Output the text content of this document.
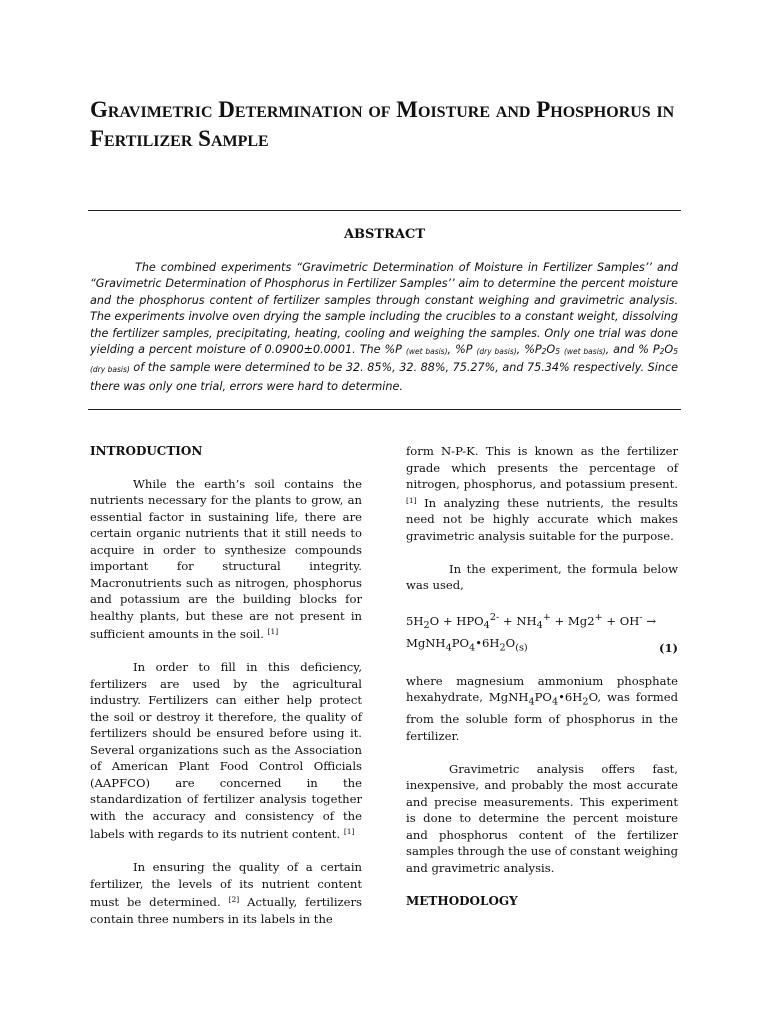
Gravimetric Determination of Moisture and Phosphorus in Fertilizer Sample
ABSTRACT

The combined experiments “Gravimetric Determination of Moisture in Fertilizer Samples’’ and “Gravimetric Determination of Phosphorus in Fertilizer Samples’’ aim to determine the percent moisture and the phosphorus content of fertilizer samples through constant weighing and gravimetric analysis. The experiments involve oven drying the sample including the crucibles to a constant weight, dissolving the fertilizer samples, precipitating, heating, cooling and weighing the samples. Only one trial was done yielding a percent moisture of 0.0900±0.0001. The %P $_{(wet basis)}$, %P $_{(dry basis)}$, $\%P_2O_5$ $_{(wet basis)}$, and % $P_2O_5$ $_{(dry basis)}$ of the sample were determined to be 32. 85%, 32. 88%, 75.27%, and 75.34% respectively. Since there was only one trial, errors were hard to determine.

INTRODUCTION

While the earth’s soil contains the nutrients necessary for the plants to grow, an essential factor in sustaining life, there are certain organic nutrients that it still needs to acquire in order to synthesize compounds important for structural integrity. Macronutrients such as nitrogen, phosphorus and potassium are the building blocks for healthy plants, but these are not present in sufficient amounts in the soil. [1]

In order to fill in this deficiency, fertilizers are used by the agricultural industry. Fertilizers can either help protect the soil or destroy it therefore, the quality of fertilizers should be ensured before using it. Several organizations such as the Association of American Plant Food Control Officials (AAPFCO) are concerned in the standardization of fertilizer analysis together with the accuracy and consistency of the labels with regards to its nutrient content. [1]

In ensuring the quality of a certain fertilizer, the levels of its nutrient content must be determined. [2] Actually, fertilizers contain three numbers in its labels in the

form N-P-K. This is known as the fertilizer grade which presents the percentage of nitrogen, phosphorus, and potassium present. [1] In analyzing these nutrients, the results need not be highly accurate which makes gravimetric analysis suitable for the purpose.

In the experiment, the formula below was used,

$5H_2O + HPO_4^{2-} + NH_4^+ + Mg2^+ + OH^-$ →
$MgNH_4PO_4•6H_2O_{(s)}$	(1)

where magnesium ammonium phosphate hexahydrate, $MgNH_4PO_4•6H_2O$, was formed from the soluble form of phosphorus in the fertilizer.

Gravimetric analysis offers fast, inexpensive, and probably the most accurate and precise measurements. This experiment is done to determine the percent moisture and phosphorus content of the fertilizer samples through the use of constant weighing and gravimetric analysis.

METHODOLOGY
